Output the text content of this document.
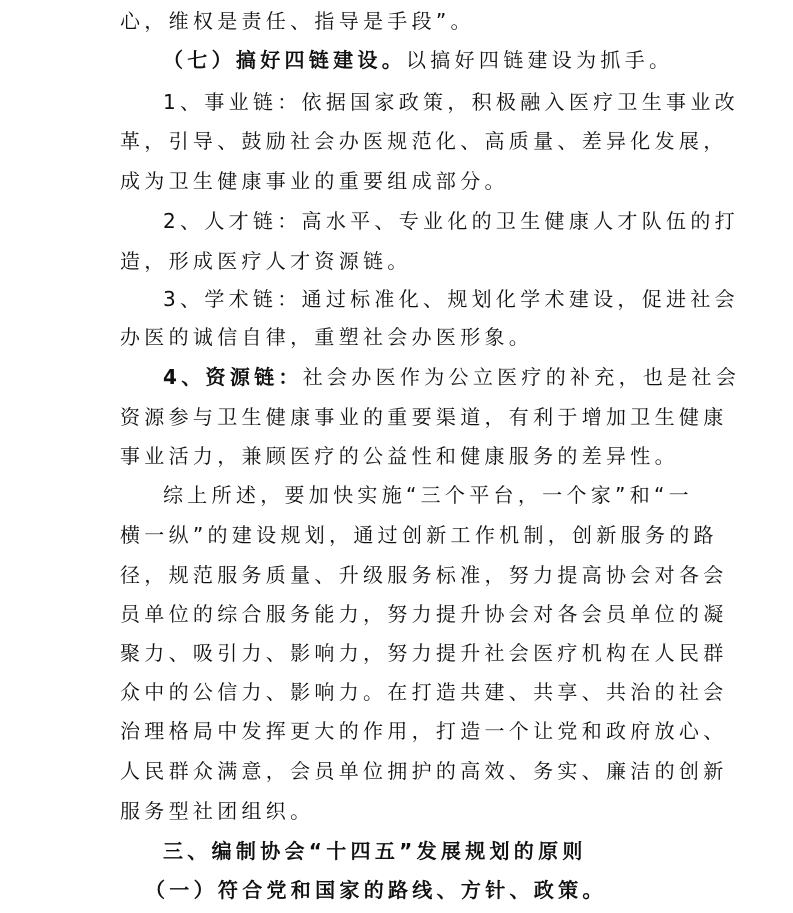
心，维权是责任、指导是手段”。
（七）搞好四链建设。以搞好四链建设为抓手。
1、事业链：依据国家政策，积极融入医疗卫生事业改
革，引导、鼓励社会办医规范化、高质量、差异化发展，
成为卫生健康事业的重要组成部分。
2、人才链：高水平、专业化的卫生健康人才队伍的打
造，形成医疗人才资源链。
3、学术链：通过标准化、规划化学术建设，促进社会
办医的诚信自律，重塑社会办医形象。
4、资源链：社会办医作为公立医疗的补充，也是社会
资源参与卫生健康事业的重要渠道，有利于增加卫生健康
事业活力，兼顾医疗的公益性和健康服务的差异性。
综上所述，要加快实施“三个平台，一个家”和“一
横一纵”的建设规划，通过创新工作机制，创新服务的路
径，规范服务质量、升级服务标准，努力提高协会对各会
员单位的综合服务能力，努力提升协会对各会员单位的凝
聚力、吸引力、影响力，努力提升社会医疗机构在人民群
众中的公信力、影响力。在打造共建、共享、共治的社会
治理格局中发挥更大的作用，打造一个让党和政府放心、
人民群众满意，会员单位拥护的高效、务实、廉洁的创新
服务型社团组织。
三、编制协会“十四五”发展规划的原则
（一）符合党和国家的路线、方针、政策。
